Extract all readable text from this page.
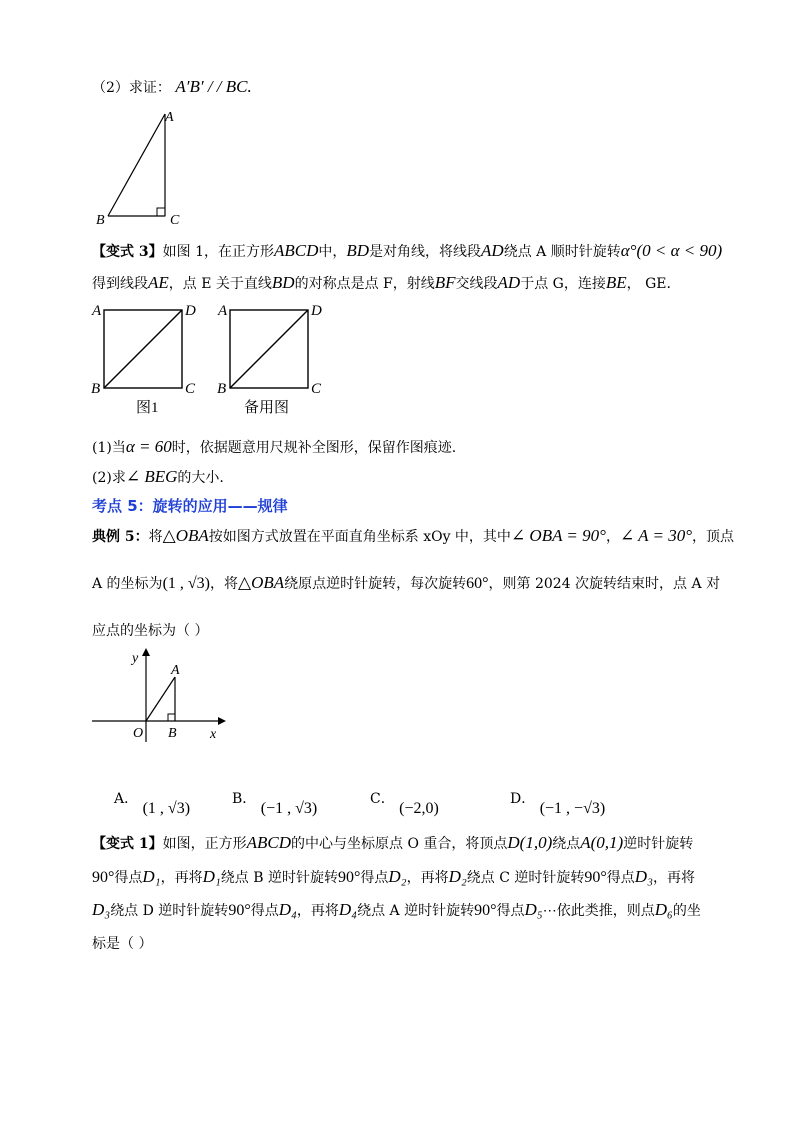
（2）求证： A′B′ / / BC.
A
B	C
【变式 3】如图 1，在正方形ABCD中，BD是对角线，将线段AD绕点 A 顺时针旋转α°(0 < α < 90)
得到线段AE，点 E 关于直线BD的对称点是点 F，射线BF交线段AD于点 G，连接BE， GE.
A	D
B	C
图1
A	D
B	C
备用图
(1)当α = 60时，依据题意用尺规补全图形，保留作图痕迹.
(2)求∠ BEG的大小.
考点 5：旋转的应用——规律
典例 5：将△OBA按如图方式放置在平面直角坐标系 xOy 中，其中∠ OBA = 90°，∠ A = 30°，顶点
A 的坐标为(1 , √3)，将△OBA绕原点逆时针旋转，每次旋转60°，则第 2024 次旋转结束时，点 A 对
应点的坐标为（ ）
y
x
O B
A
A． (1 , √3)
B． (−1 , √3)
C． (−2,0)
D． (−1 , −√3)
【变式 1】如图，正方形ABCD的中心与坐标原点 O 重合，将顶点D(1,0)绕点A(0,1)逆时针旋转
90°得点D₁，再将D₁绕点 B 逆时针旋转90°得点D₂，再将D₂绕点 C 逆时针旋转90°得点D₃，再将
D₃绕点 D 逆时针旋转90°得点D₄，再将D₄绕点 A 逆时针旋转90°得点D₅⋯依此类推，则点D₆的坐
标是（ ）
